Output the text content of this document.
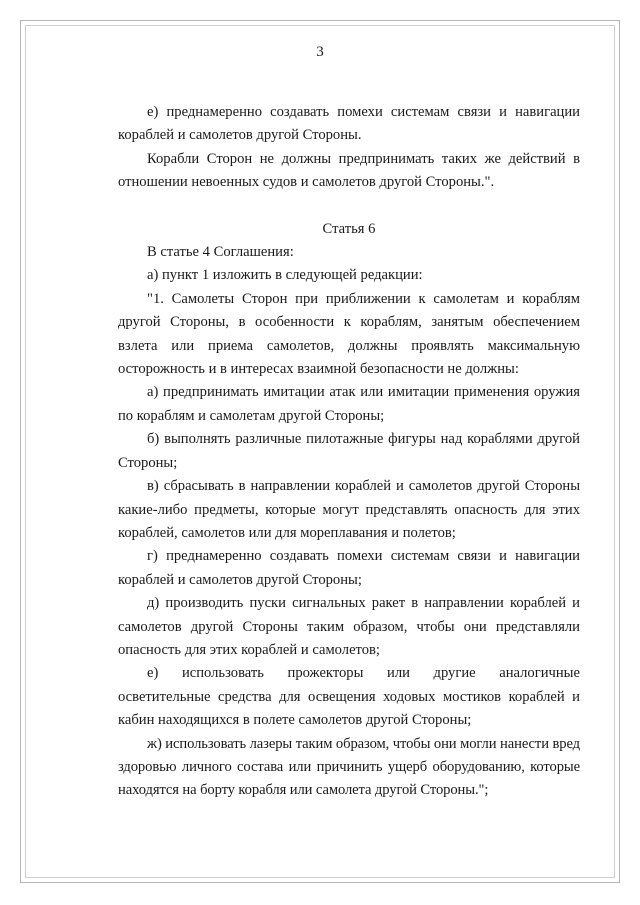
3

е) преднамеренно создавать помехи системам связи и навигации кораблей и самолетов другой Стороны.

Корабли Сторон не должны предпринимать таких же действий в отношении невоенных судов и самолетов другой Стороны.".

Статья 6

В статье 4 Соглашения:

а) пункт 1 изложить в следующей редакции:

"1. Самолеты Сторон при приближении к самолетам и кораблям другой Стороны, в особенности к кораблям, занятым обеспечением взлета или приема самолетов, должны проявлять максимальную осторожность и в интересах взаимной безопасности не должны:

а) предпринимать имитации атак или имитации применения оружия по кораблям и самолетам другой Стороны;

б) выполнять различные пилотажные фигуры над кораблями другой Стороны;

в) сбрасывать в направлении кораблей и самолетов другой Стороны какие-либо предметы, которые могут представлять опасность для этих кораблей, самолетов или для мореплавания и полетов;

г) преднамеренно создавать помехи системам связи и навигации кораблей и самолетов другой Стороны;

д) производить пуски сигнальных ракет в направлении кораблей и самолетов другой Стороны таким образом, чтобы они представляли опасность для этих кораблей и самолетов;

е) использовать прожекторы или другие аналогичные

осветительные средства для освещения ходовых мостиков кораблей и кабин находящихся в полете самолетов другой Стороны;

ж) использовать лазеры таким образом, чтобы они могли нанести вред здоровью личного состава или причинить ущерб оборудованию, которые находятся на борту корабля или самолета другой Стороны.";
